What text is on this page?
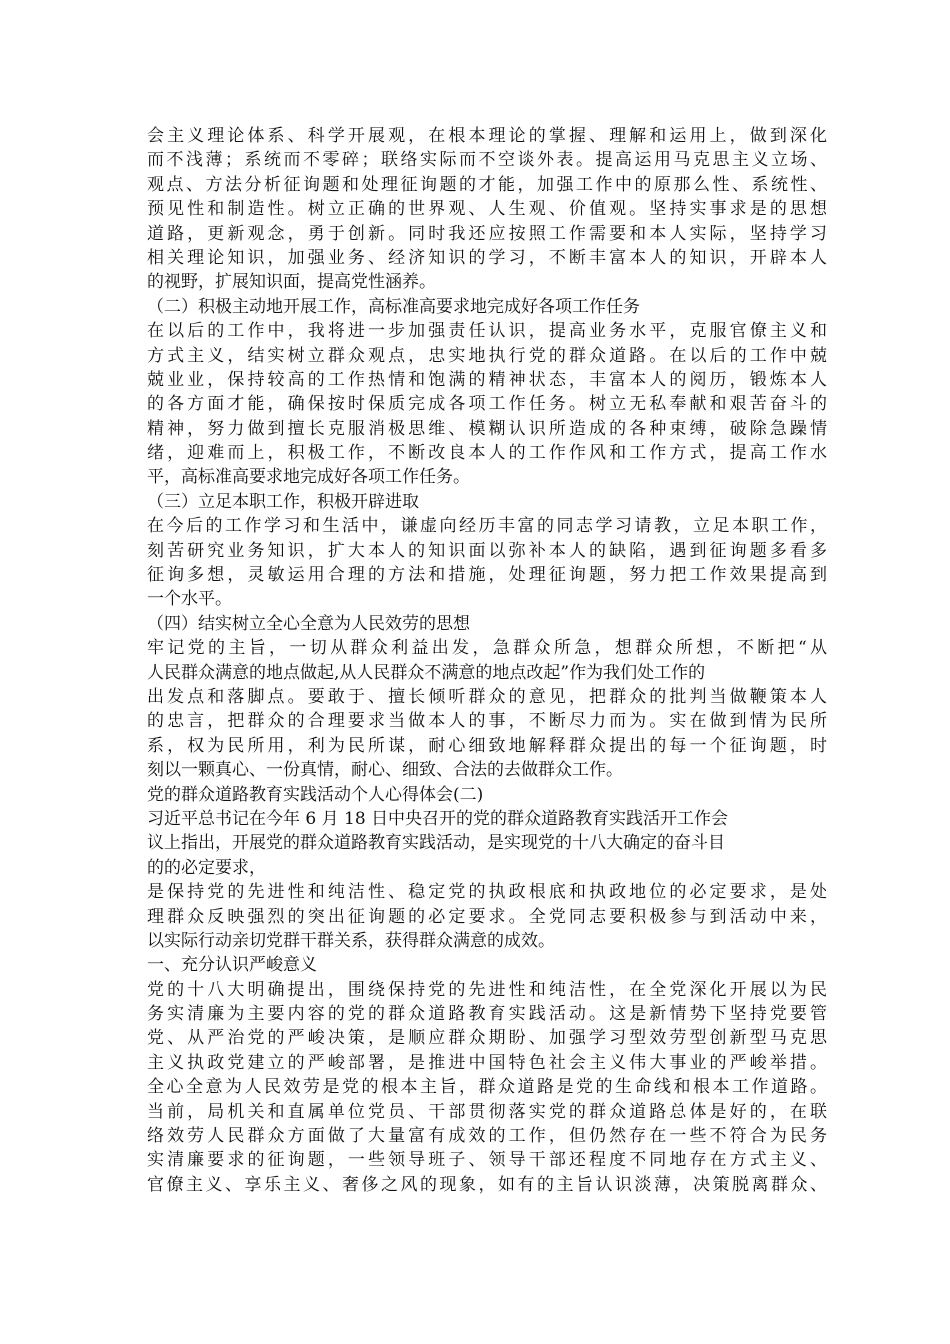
会主义理论体系、科学开展观，在根本理论的掌握、理解和运用上，做到深化
而不浅薄；系统而不零碎；联络实际而不空谈外表。提高运用马克思主义立场、
观点、方法分析征询题和处理征询题的才能，加强工作中的原那么性、系统性、
预见性和制造性。树立正确的世界观、人生观、价值观。坚持实事求是的思想
道路，更新观念，勇于创新。同时我还应按照工作需要和本人实际，坚持学习
相关理论知识，加强业务、经济知识的学习，不断丰富本人的知识，开辟本人
的视野，扩展知识面，提高党性涵养。
（二）积极主动地开展工作，高标准高要求地完成好各项工作任务
在以后的工作中，我将进一步加强责任认识，提高业务水平，克服官僚主义和
方式主义，结实树立群众观点，忠实地执行党的群众道路。在以后的工作中兢
兢业业，保持较高的工作热情和饱满的精神状态，丰富本人的阅历，锻炼本人
的各方面才能，确保按时保质完成各项工作任务。树立无私奉献和艰苦奋斗的
精神，努力做到擅长克服消极思维、模糊认识所造成的各种束缚，破除急躁情
绪，迎难而上，积极工作，不断改良本人的工作作风和工作方式，提高工作水
平，高标准高要求地完成好各项工作任务。
（三）立足本职工作，积极开辟进取
在今后的工作学习和生活中，谦虚向经历丰富的同志学习请教，立足本职工作，
刻苦研究业务知识，扩大本人的知识面以弥补本人的缺陷，遇到征询题多看多
征询多想，灵敏运用合理的方法和措施，处理征询题，努力把工作效果提高到
一个水平。
（四）结实树立全心全意为人民效劳的思想
牢记党的主旨，一切从群众利益出发，急群众所急，想群众所想，不断把“从
人民群众满意的地点做起,从人民群众不满意的地点改起”作为我们处工作的
出发点和落脚点。要敢于、擅长倾听群众的意见，把群众的批判当做鞭策本人
的忠言，把群众的合理要求当做本人的事，不断尽力而为。实在做到情为民所
系，权为民所用，利为民所谋，耐心细致地解释群众提出的每一个征询题，时
刻以一颗真心、一份真情，耐心、细致、合法的去做群众工作。
党的群众道路教育实践活动个人心得体会(二)
习近平总书记在今年 6 月 18 日中央召开的党的群众道路教育实践活开工作会
议上指出，开展党的群众道路教育实践活动，是实现党的十八大确定的奋斗目
的的必定要求，
是保持党的先进性和纯洁性、稳定党的执政根底和执政地位的必定要求，是处
理群众反映强烈的突出征询题的必定要求。全党同志要积极参与到活动中来，
以实际行动亲切党群干群关系，获得群众满意的成效。
一、充分认识严峻意义
党的十八大明确提出，围绕保持党的先进性和纯洁性，在全党深化开展以为民
务实清廉为主要内容的党的群众道路教育实践活动。这是新情势下坚持党要管
党、从严治党的严峻决策，是顺应群众期盼、加强学习型效劳型创新型马克思
主义执政党建立的严峻部署，是推进中国特色社会主义伟大事业的严峻举措。
全心全意为人民效劳是党的根本主旨，群众道路是党的生命线和根本工作道路。
当前，局机关和直属单位党员、干部贯彻落实党的群众道路总体是好的，在联
络效劳人民群众方面做了大量富有成效的工作，但仍然存在一些不符合为民务
实清廉要求的征询题，一些领导班子、领导干部还程度不同地存在方式主义、
官僚主义、享乐主义、奢侈之风的现象，如有的主旨认识淡薄，决策脱离群众、
